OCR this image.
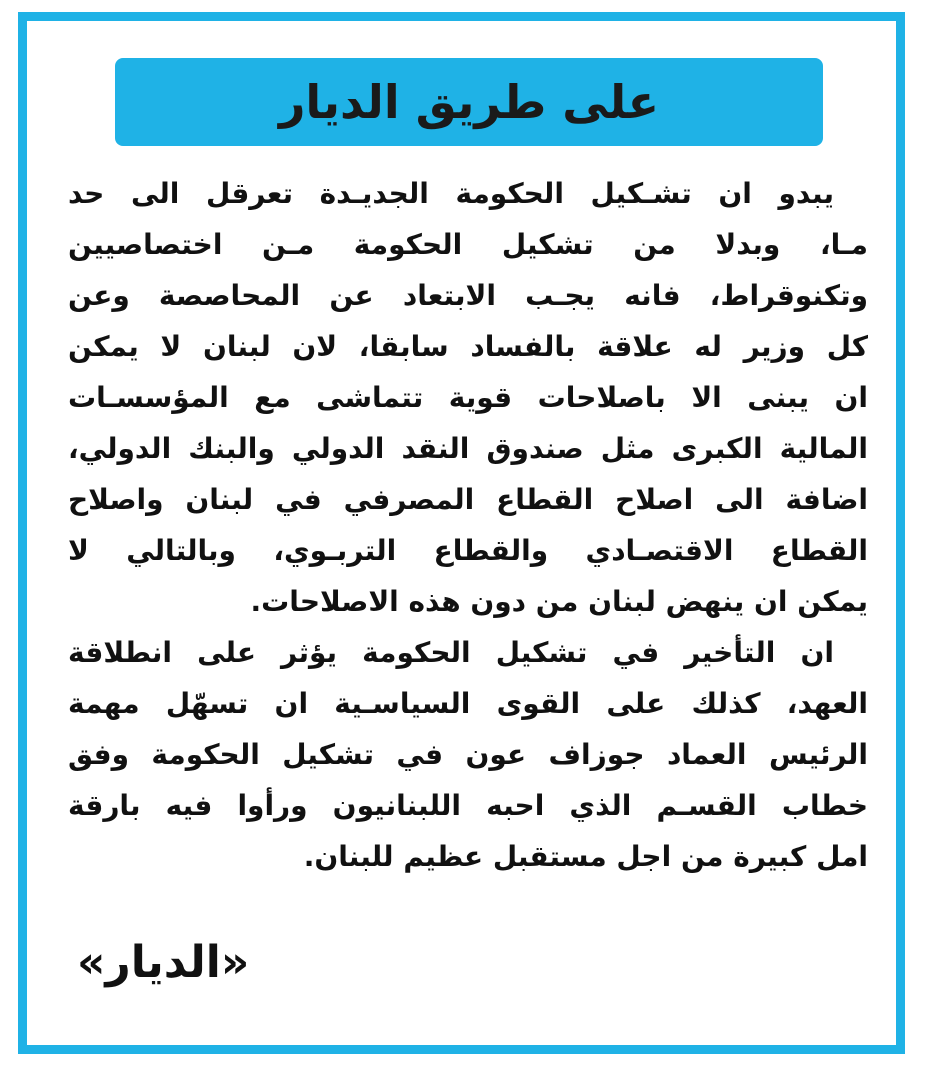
على طريق الديار
يبدو ان تشـكيل الحكومة الجديـدة تعرقل الى حد
مـا، وبدلا من تشكيل الحكومة مـن اختصاصيين
وتكنوقراط، فانه يجـب الابتعاد عن المحاصصة وعن
كل وزير له علاقة بالفساد سابقا، لان لبنان لا يمكن
ان يبنى الا باصلاحات قوية تتماشى مع المؤسسـات
المالية الكبرى مثل صندوق النقد الدولي والبنك الدولي،
اضافة الى اصلاح القطاع المصرفي في لبنان واصلاح
القطاع الاقتصـادي والقطاع التربـوي، وبالتالي لا
يمكن ان ينهض لبنان من دون هذه الاصلاحات.
ان التأخير في تشكيل الحكومة يؤثر على انطلاقة
العهد، كذلك على القوى السياسـية ان تسهّل مهمة
الرئيس العماد جوزاف عون في تشكيل الحكومة وفق
خطاب القسـم الذي احبه اللبنانيون ورأوا فيه بارقة
امل كبيرة من اجل مستقبل عظيم للبنان.
«الديار»
